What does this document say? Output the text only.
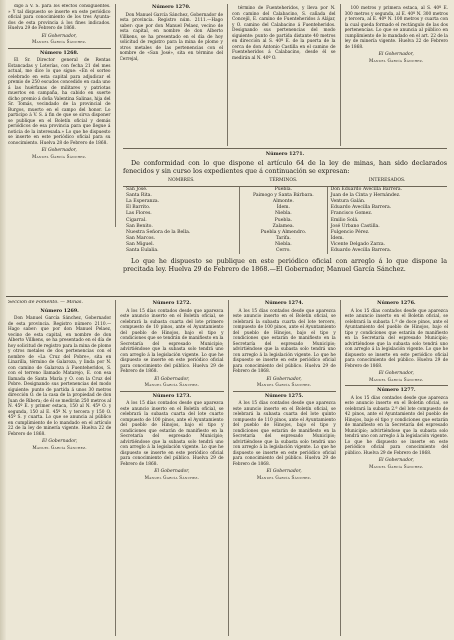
digo á V. S. para los efectos consiguientes. » Y tal dispuesto se inserte en este periódico oficial para conocimiento de los tres Ayunta- dos de esta provincia á los fines indicados. Huelva 29 de Febrero de 1868.
El Gobernador,
Manuel García Sánchez.
Número 1268.
El Sr. Director general de Rentas Estancadas y Loterías, con fecha 21 del mes actual, me dice lo que sigue: «En el sorteo celebrado en esta capital para adjudicar el premio de 250 escudos concedido en cada uno á las huérfanas de militares y patriotas muertos en campaña, ha cabido en suerte dicho premio á doña Valentina Salinas, hija del Sr. Tomás, vecindado de la provincial de Burgos, muerto en el campo del honor. Lo participo á V. S. á fin de que se sirva disponer se publique en el Boletín oficial y demás periódicos de esa provincia para que llegue á noticia de la interesada.» Lo que he dispuesto se inserte en este periódico oficial para su conocimiento. Huelva 28 de Febrero de 1868.
El Gobernador,
Manuel García Sánchez.
Número 1270.
Don Manuel García Sánchez, Gobernador de esta provincia. Registro núm. 2111.—Hago saber: que por don Manuel Pelaez, vecino de esta capital, en nombre de don Alberto Villkens, se ha presentado en el día de hoy solicitud de registro para la mina de plomo y otros metales de las pertenencias con el nombre de «San José», sita en término del Cerrejal,
término de Fuenteheridos, y lleva por N. con camino del Calabacino, S. cañada del Concejil, E. camino de Fuenteheridos á Alájar, y O. camino del Calabacino á Fuenteheridos. Designando sus pertenencias del modo siguiente: punto de partida distante 40 metros en dirección al S. 40º E. de la puerta de la cerca de don Antonio Castilla en el camino de Fuenteheridos á Calabacino, desde él se medirán al N. 40º O.
100 metros y primera estaca, al S. 40º E. 300 metros y segunda, al E. 40º N. 300 metros y tercera, al E. 40º N. 100 metros y cuarta con la cual queda formado el rectángulo de las dos pertenencias. Lo que se anuncia al público en cumplimiento de lo mandado en el art. 22 de la ley de minería vigente. Huelva 22 de Febrero de 1868.
El Gobernador,
Manuel García Sánchez.
Número 1271.
De conformidad con lo que dispone el artículo 64 de la ley de minas, han sido declarados fenecidos y sin curso los expedientes que á continuación se expresan:
NOMBRES.	TÉRMINOS.	INTERESADOS.
San José.	Puebla.	Don Eduardo Avecilla Barrera.
Santa Rita.	Paimogo y Santa Bárbara.	Juan de la Cinta y Hernández.
La Esperanza.	Almonte.	Ventura Galán.
El Barrito.	Ídem.	Eduardo Avecilla Barrera.
Las Flores.	Niebla.	Francisco Gomez.
Cigarral.	Puebla.	Emilio Solá.
San Benito.	Zalamea.	José Urbano Castilla.
Nuestra Señora de la Bella.	Puebla y Almendro.	Fulgencio Pérez.
San Marcos.	Tarifa.	Ídem.
San Miguel.	Niebla.	Vicente Delgado Zarza.
Santa Eulalia.	Cerro.	Eduardo Avecilla Barrera.
Lo que he dispuesto se publique en este periódico oficial con arreglo á lo que dispone la precitada ley. Huelva 29 de Febrero de 1868.—El Gobernador, Manuel García Sánchez.
Sección de Fomento. — Minas.
Número 1269.
Don Manuel García Sánchez, Gobernador de esta provincia. Registro número 2110.—Hago saber: que por don Manuel Pelaez, vecino de esta capital, en nombre de don Alberto Villkens, se ha presentado en el día de hoy solicitud de registro para la mina de plomo y otros metales de dos pertenencias con el nombre de «La Cruz del Pobre», sita en Linarilla, término de Galaroza, y linda por N. con camino de Galaroza á Fuenteheridos, S. con el terreno llamado Matarejo, E. con esa llamada de Santa María y O. con la Cruz del Pobre. Designando sus pertenencias del modo siguiente: punto de partida á unos 30 metros dirección O. de la casa de la propiedad de don Juan de Ribera; de él se medirán 250 metros al N. 45º E. y primer estaca, 150 al N. 45º O. y segunda, 150 al E. 45º N. y tercera y 150 O. 45º S. y cuarta. Lo que se anuncia al público en cumplimiento de lo mandado en el artículo 22 de la ley de minería vigente. Huelva 22 de Febrero de 1868.
El Gobernador,
Manuel García Sánchez.
Número 1272.
A los 15 días contados desde que aparezca este anuncio inserto en el Boletín oficial, se celebrará la subasta cuarta del lote primero compuesto de 10 pinos, ante el Ayuntamiento del pueblo de Hinojos, bajo el tipo y condiciones que se tendrán de manifiesto en la Secretaría del espresado Municipio; advirtiéndose que la subasta solo tendrá uno con arreglo á la legislación vigente. Lo que he dispuesto se inserte en este periódico oficial para conocimiento del público. Huelva 29 de Febrero de 1868.
El Gobernador,
Manuel García Sánchez.
Número 1273.
A los 15 días contados desde que aparezca este anuncio inserto en el Boletín oficial, se celebrará la subasta cuarta del lote cuarto compuesto de 100 pinos, ante el Ayuntamiento del pueblo de Hinojos, bajo el tipo y condiciones que estarán de manifiesto en la Secretaría del espresado Municipio; advirtiéndose que la subasta solo tendrá uno con arreglo á la legislación vigente. Lo que he dispuesto se inserte en este periódico oficial para conocimiento del público. Huelva 29 de Febrero de 1868.
El Gobernador,
Manuel García Sánchez.
Número 1274.
A los 15 días contados desde que aparezca este anuncio inserto en el Boletín oficial, se celebrará la subasta cuarta del lote tercero, compuesto de 100 pinos, ante el Ayuntamiento del pueblo de Hinojos, bajo el tipo y condiciones que estarán de manifiesto en la Secretaría del espresado Municipio; advirtiéndose que la subasta solo tendrá uno con arreglo á la legislación vigente. Lo que he dispuesto se inserte en este periódico oficial para conocimiento del público. Huelva 29 de Febrero de 1868.
El Gobernador,
Manuel García Sánchez.
Número 1275.
A los 15 días contados desde que aparezca este anuncio inserto en el Boletín oficial, se celebrará la subasta cuarta del lote quinto compuesto de 110 pinos, ante el Ayuntamiento del pueblo de Hinojos, bajo el tipo y condiciones que estarán de manifiesto en la Secretaría del espresado Municipio; advirtiéndose que la subasta solo tendrá uno con arreglo á la legislación vigente. Lo que he dispuesto se inserte en este periódico oficial para conocimiento del público. Huelva 29 de Febrero de 1868.
El Gobernador,
Manuel García Sánchez.
Número 1276.
A los 15 días contados desde que aparezca este anuncio inserto en el Boletín oficial, se celebrará la subasta 1.ª de doce pinos, ante el Ayuntamiento del pueblo de Hinojos, bajo el tipo y condiciones que estarán de manifiesto en la Secretaría del espresado Municipio; advirtiéndose que la subasta solo tendrá uno con arreglo á la legislación vigente. Lo que he dispuesto se inserte en este periódico oficial para conocimiento del público. Huelva 29 de Febrero de 1868.
El Gobernador,
Manuel García Sánchez.
Número 1277.
A los 15 días contados desde que aparezca este anuncio inserto en el Boletín oficial, se celebrará la subasta 2.ª del lote compuesto de 42 pinos, ante el Ayuntamiento del pueblo de Hinojos, bajo el tipo y condiciones que estarán de manifiesto en la Secretaría del espresado Municipio; advirtiéndose que la subasta solo tendrá uno con arreglo á la legislación vigente. Lo que he dispuesto se inserte en este periódico oficial para conocimiento del público. Huelva 29 de Febrero de 1868.
El Gobernador,
Manuel García Sánchez.
